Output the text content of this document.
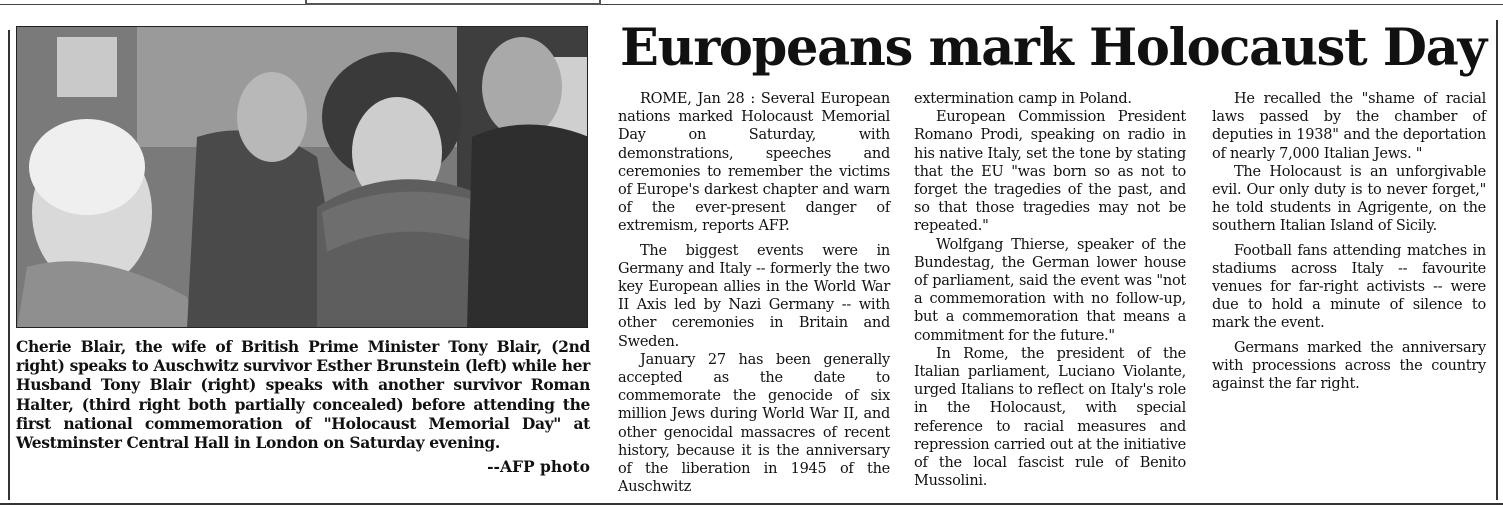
Cherie Blair, the wife of British Prime Minister Tony Blair, (2nd right) speaks to Auschwitz survivor Esther Brunstein (left) while her Husband Tony Blair (right) speaks with another survivor Roman Halter, (third right both partially concealed) before attending the first national commemoration of "Holocaust Memorial Day" at Westminster Central Hall in London on Saturday evening.
--AFP photo
Europeans mark Holocaust Day

ROME, Jan 28 : Several European nations marked Holocaust Memorial Day on Saturday, with demonstrations, speeches and ceremonies to remember the victims of Europe's darkest chapter and warn of the ever-present danger of extremism, reports AFP.

The biggest events were in Germany and Italy -- formerly the two key European allies in the World War II Axis led by Nazi Germany -- with other ceremonies in Britain and Sweden.

January 27 has been generally accepted as the date to commemorate the genocide of six million Jews during World War II, and other genocidal massacres of recent history, because it is the anniversary of the liberation in 1945 of the Auschwitz

extermination camp in Poland.

European Commission President Romano Prodi, speaking on radio in his native Italy, set the tone by stating that the EU "was born so as not to forget the tragedies of the past, and so that those tragedies may not be repeated."

Wolfgang Thierse, speaker of the Bundestag, the German lower house of parliament, said the event was "not a commemoration with no follow-up, but a commemoration that means a commitment for the future."

In Rome, the president of the Italian parliament, Luciano Violante, urged Italians to reflect on Italy's role in the Holocaust, with special reference to racial measures and repression carried out at the initiative of the local fascist rule of Benito Mussolini.

He recalled the "shame of racial laws passed by the chamber of deputies in 1938" and the deportation of nearly 7,000 Italian Jews. "

The Holocaust is an unforgivable evil. Our only duty is to never forget," he told students in Agrigente, on the southern Italian Island of Sicily.

Football fans attending matches in stadiums across Italy -- favourite venues for far-right activists -- were due to hold a minute of silence to mark the event.

Germans marked the anniversary with processions across the country against the far right.
